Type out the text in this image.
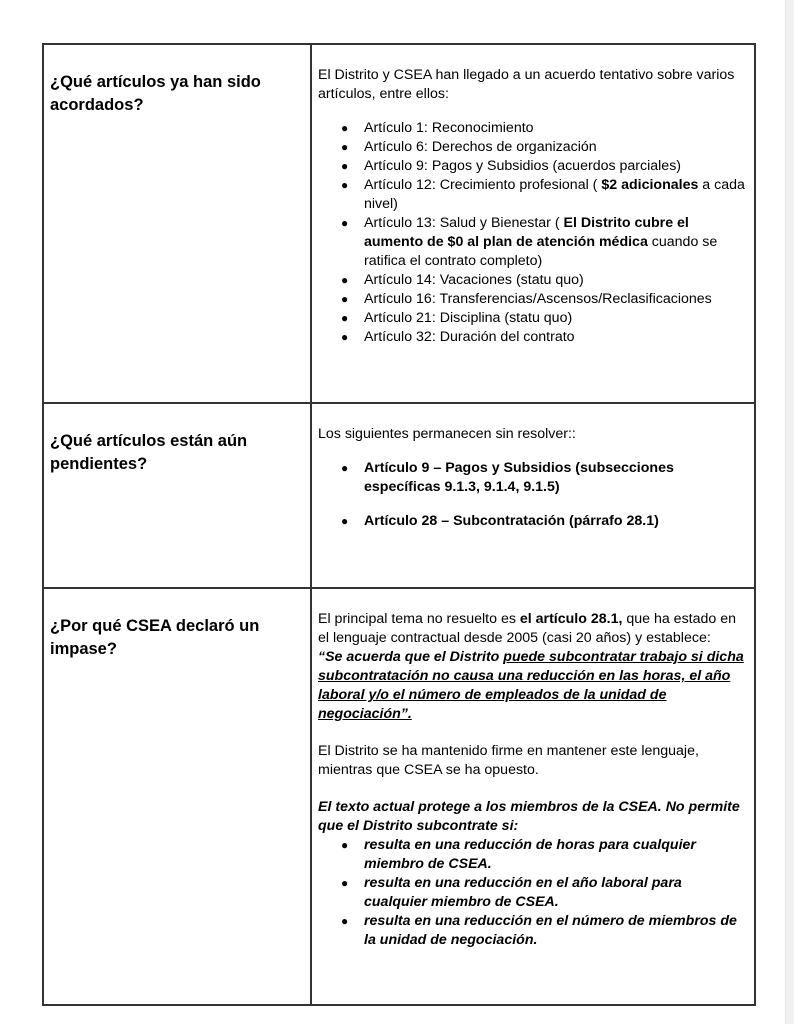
¿Qué artículos ya han sido acordados?	

El Distrito y CSEA han llegado a un acuerdo tentativo sobre varios artículos, entre ellos:

● Artículo 1: Reconocimiento
● Artículo 6: Derechos de organización
● Artículo 9: Pagos y Subsidios (acuerdos parciales)
● Artículo 12: Crecimiento profesional ( $2 adicionales a cada nivel)
● Artículo 13: Salud y Bienestar ( El Distrito cubre el aumento de $0 al plan de atención médica cuando se ratifica el contrato completo)
● Artículo 14: Vacaciones (statu quo)
● Artículo 16: Transferencias/Ascensos/Reclasificaciones
● Artículo 21: Disciplina (statu quo)
● Artículo 32: Duración del contrato

¿Qué artículos están aún pendientes?	

Los siguientes permanecen sin resolver::

● Artículo 9 – Pagos y Subsidios (subsecciones específicas 9.1.3, 9.1.4, 9.1.5)
● Artículo 28 – Subcontratación (párrafo 28.1)

¿Por qué CSEA declaró un impase?	

El principal tema no resuelto es el artículo 28.1, que ha estado en el lenguaje contractual desde 2005 (casi 20 años) y establece:

“Se acuerda que el Distrito puede subcontratar trabajo si dicha subcontratación no causa una reducción en las horas, el año laboral y/o el número de empleados de la unidad de negociación”.

El Distrito se ha mantenido firme en mantener este lenguaje, mientras que CSEA se ha opuesto.

El texto actual protege a los miembros de la CSEA. No permite que el Distrito subcontrate si:

● resulta en una reducción de horas para cualquier miembro de CSEA.
● resulta en una reducción en el año laboral para cualquier miembro de CSEA.
● resulta en una reducción en el número de miembros de la unidad de negociación.
